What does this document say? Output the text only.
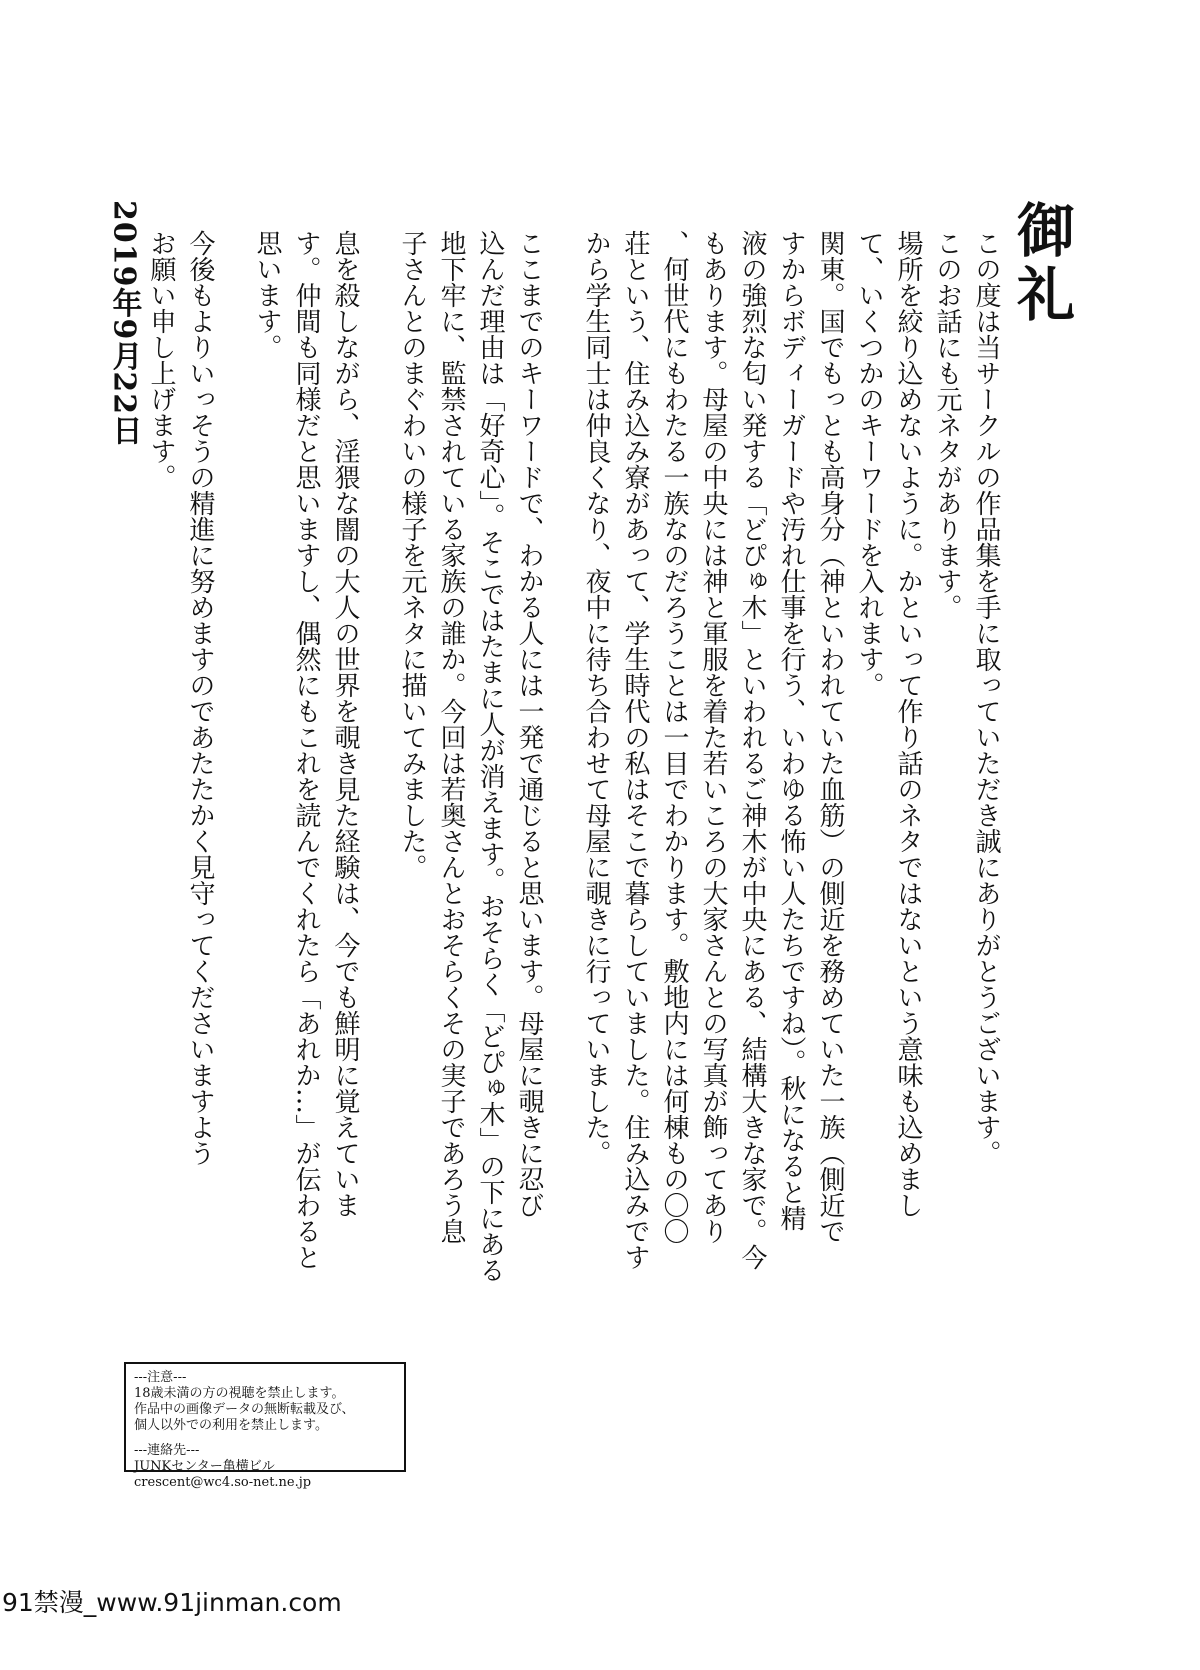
御礼

この度は当サークルの作品集を手に取っていただき誠にありがとうございます。
このお話にも元ネタがあります。
場所を絞り込めないように。かといって作り話のネタではないという意味も込めまし
て、いくつかのキーワードを入れます。

関東。国でもっとも高身分（神といわれていた血筋）の側近を務めていた一族（側近で
すからボディーガードや汚れ仕事を行う、いわゆる怖い人たちですね）。秋になると精
液の強烈な匂い発する「どぴゅ木」といわれるご神木が中央にある、結構大きな家で。今
もあります。母屋の中央には神と軍服を着た若いころの大家さんとの写真が飾ってあり
、何世代にもわたる一族なのだろうことは一目でわかります。敷地内には何棟もの〇〇
荘という、住み込み寮があって、学生時代の私はそこで暮らしていました。住み込みです
から学生同士は仲良くなり、夜中に待ち合わせて母屋に覗きに行っていました。

ここまでのキーワードで、わかる人には一発で通じると思います。母屋に覗きに忍び
込んだ理由は「好奇心」。そこではたまに人が消えます。おそらく「どぴゅ木」の下にある
地下牢に、監禁されている家族の誰か。今回は若奥さんとおそらくその実子であろう息
子さんとのまぐわいの様子を元ネタに描いてみました。

息を殺しながら、淫猥な闇の大人の世界を覗き見た経験は、今でも鮮明に覚えていま
す。仲間も同様だと思いますし、偶然にもこれを読んでくれたら「あれか…」が伝わると
思います。

今後もよりいっそうの精進に努めますのであたたかく見守ってくださいますよう
お願い申し上げます。

2019年9月22日
---注意---
18歳未満の方の視聴を禁止します。
作品中の画像データの無断転載及び、
個人以外での利用を禁止します。
---連絡先---
JUNKセンター亀横ビル
crescent@wc4.so-net.ne.jp
91禁漫_www.91jinman.com
